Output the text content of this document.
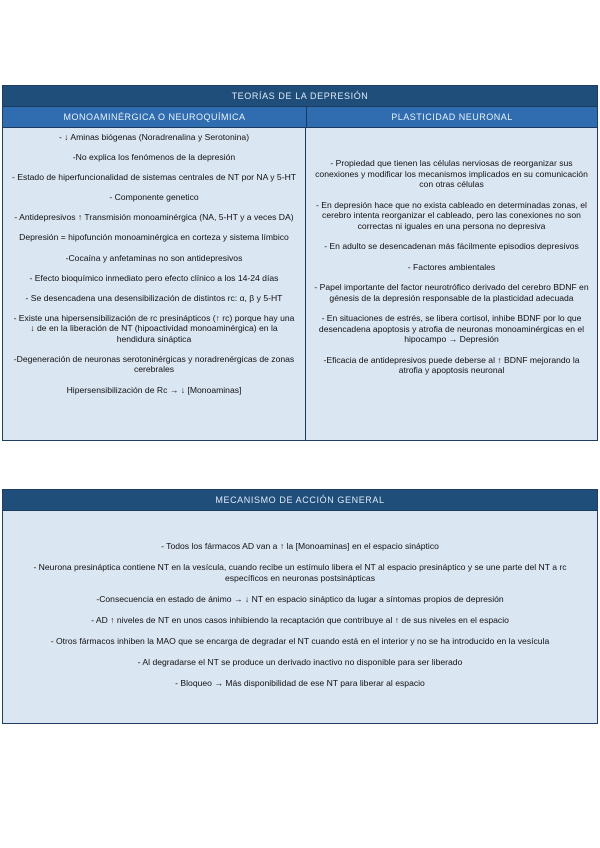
TEORÍAS DE LA DEPRESIÓN
MONOAMINÉRGICA O NEUROQUÍMICA	PLASTICIDAD NEURONAL

- ↓ Aminas biógenas (Noradrenalina y Serotonina)

-No explica los fenómenos de la depresión

- Estado de hiperfuncionalidad de sistemas centrales de NT por NA y 5-HT

- Componente genetico

- Antidepresivos ↑ Transmisión monoaminérgica (NA, 5-HT y a veces DA)

Depresión = hipofunción monoaminérgica en corteza y sistema límbico

-Cocaína y anfetaminas no son antidepresivos

- Efecto bioquímico inmediato pero efecto clínico a los 14-24 días

- Se desencadena una desensibilización de distintos rc: α, β y 5-HT

- Existe una hipersensibilización de rc presinápticos (↑ rc) porque hay una ↓ de en la liberación de NT (hipoactividad monoaminérgica) en la hendidura sináptica

-Degeneración de neuronas serotoninérgicas y noradrenérgicas de zonas cerebrales

Hipersensibilización de Rc → ↓ [Monoaminas]

- Propiedad que tienen las células nerviosas de reorganizar sus conexiones y modificar los mecanismos implicados en su comunicación con otras células

- En depresión hace que no exista cableado en determinadas zonas, el cerebro intenta reorganizar el cableado, pero las conexiones no son correctas ni iguales en una persona no depresiva

- En adulto se desencadenan más fácilmente episodios depresivos

- Factores ambientales

- Papel importante del factor neurotrófico derivado del cerebro BDNF en génesis de la depresión responsable de la plasticidad adecuada

- En situaciones de estrés, se libera cortisol, inhibe BDNF por lo que desencadena apoptosis y atrofia de neuronas monoaminérgicas en el hipocampo → Depresión

-Eficacia de antidepresivos puede deberse al ↑ BDNF mejorando la atrofia y apoptosis neuronal

MECANISMO DE ACCIÓN GENERAL

- Todos los fármacos AD van a ↑ la [Monoaminas] en el espacio sináptico

- Neurona presináptica contiene NT en la vesícula, cuando recibe un estímulo libera el NT al espacio presináptico y se une parte del NT a rc específicos en neuronas postsinápticas

-Consecuencia en estado de ánimo → ↓ NT en espacio sináptico da lugar a síntomas propios de depresión

- AD ↑ niveles de NT en unos casos inhibiendo la recaptación que contribuye al ↑ de sus niveles en el espacio

- Otros fármacos inhiben la MAO que se encarga de degradar el NT cuando está en el interior y no se ha introducido en la vesícula

- Al degradarse el NT se produce un derivado inactivo no disponible para ser liberado

- Bloqueo → Más disponibilidad de ese NT para liberar al espacio
